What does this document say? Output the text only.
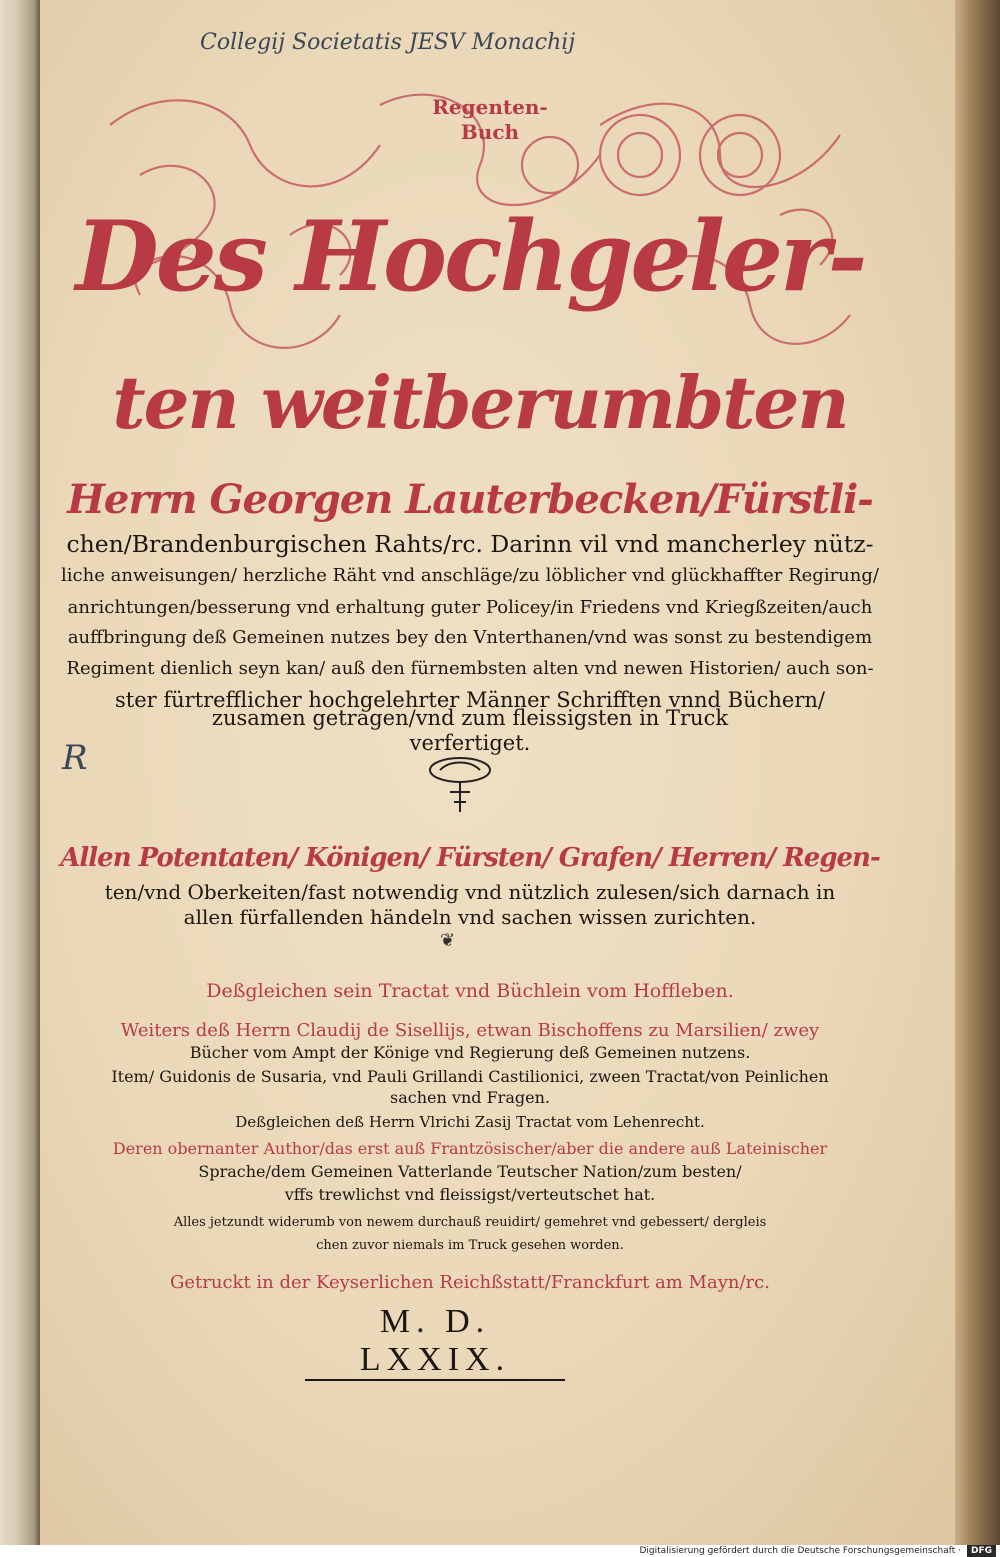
Collegij Societatis JESV Monachij
R
Regenten-
Buch
Des Hochgeler-
ten weitberumbten
Herrn Georgen Lauterbecken/Fürstli-
chen/Brandenburgischen Rahts/rc. Darinn vil vnd mancherley nütz-
liche anweisungen/ herzliche Räht vnd anschläge/zu löblicher vnd glückhaffter Regirung/
anrichtungen/besserung vnd erhaltung guter Policey/in Friedens vnd Kriegßzeiten/auch
auffbringung deß Gemeinen nutzes bey den Vnterthanen/vnd was sonst zu bestendigem
Regiment dienlich seyn kan/ auß den fürnembsten alten vnd newen Historien/ auch son-
ster fürtrefflicher hochgelehrter Männer Schrifften vnnd Büchern/
zusamen getragen/vnd zum fleissigsten in Truck
verfertiget.
Allen Potentaten/ Königen/ Fürsten/ Grafen/ Herren/ Regen-
ten/vnd Oberkeiten/fast notwendig vnd nützlich zulesen/sich darnach in
allen fürfallenden händeln vnd sachen wissen zurichten.
Deßgleichen sein Tractat vnd Büchlein vom Hoffleben.
Weiters deß Herrn Claudij de Sisellijs, etwan Bischoffens zu Marsilien/ zwey
Bücher vom Ampt der Könige vnd Regierung deß Gemeinen nutzens.
Item/ Guidonis de Susaria, vnd Pauli Grillandi Castilionici, zween Tractat/von Peinlichen
sachen vnd Fragen.
Deßgleichen deß Herrn Vlrichi Zasij Tractat vom Lehenrecht.
Deren obernanter Author/das erst auß Frantzösischer/aber die andere auß Lateinischer
Sprache/dem Gemeinen Vatterlande Teutscher Nation/zum besten/
vffs trewlichst vnd fleissigst/verteutschet hat.
Alles jetzundt widerumb von newem durchauß reuidirt/ gemehret vnd gebessert/ dergleis
chen zuvor niemals im Truck gesehen worden.
Getruckt in der Keyserlichen Reichßstatt/Franckfurt am Mayn/rc.
❦
M. D. LXXIX.
Digitalisierung gefördert durch die Deutsche Forschungsgemeinschaft · DFG
